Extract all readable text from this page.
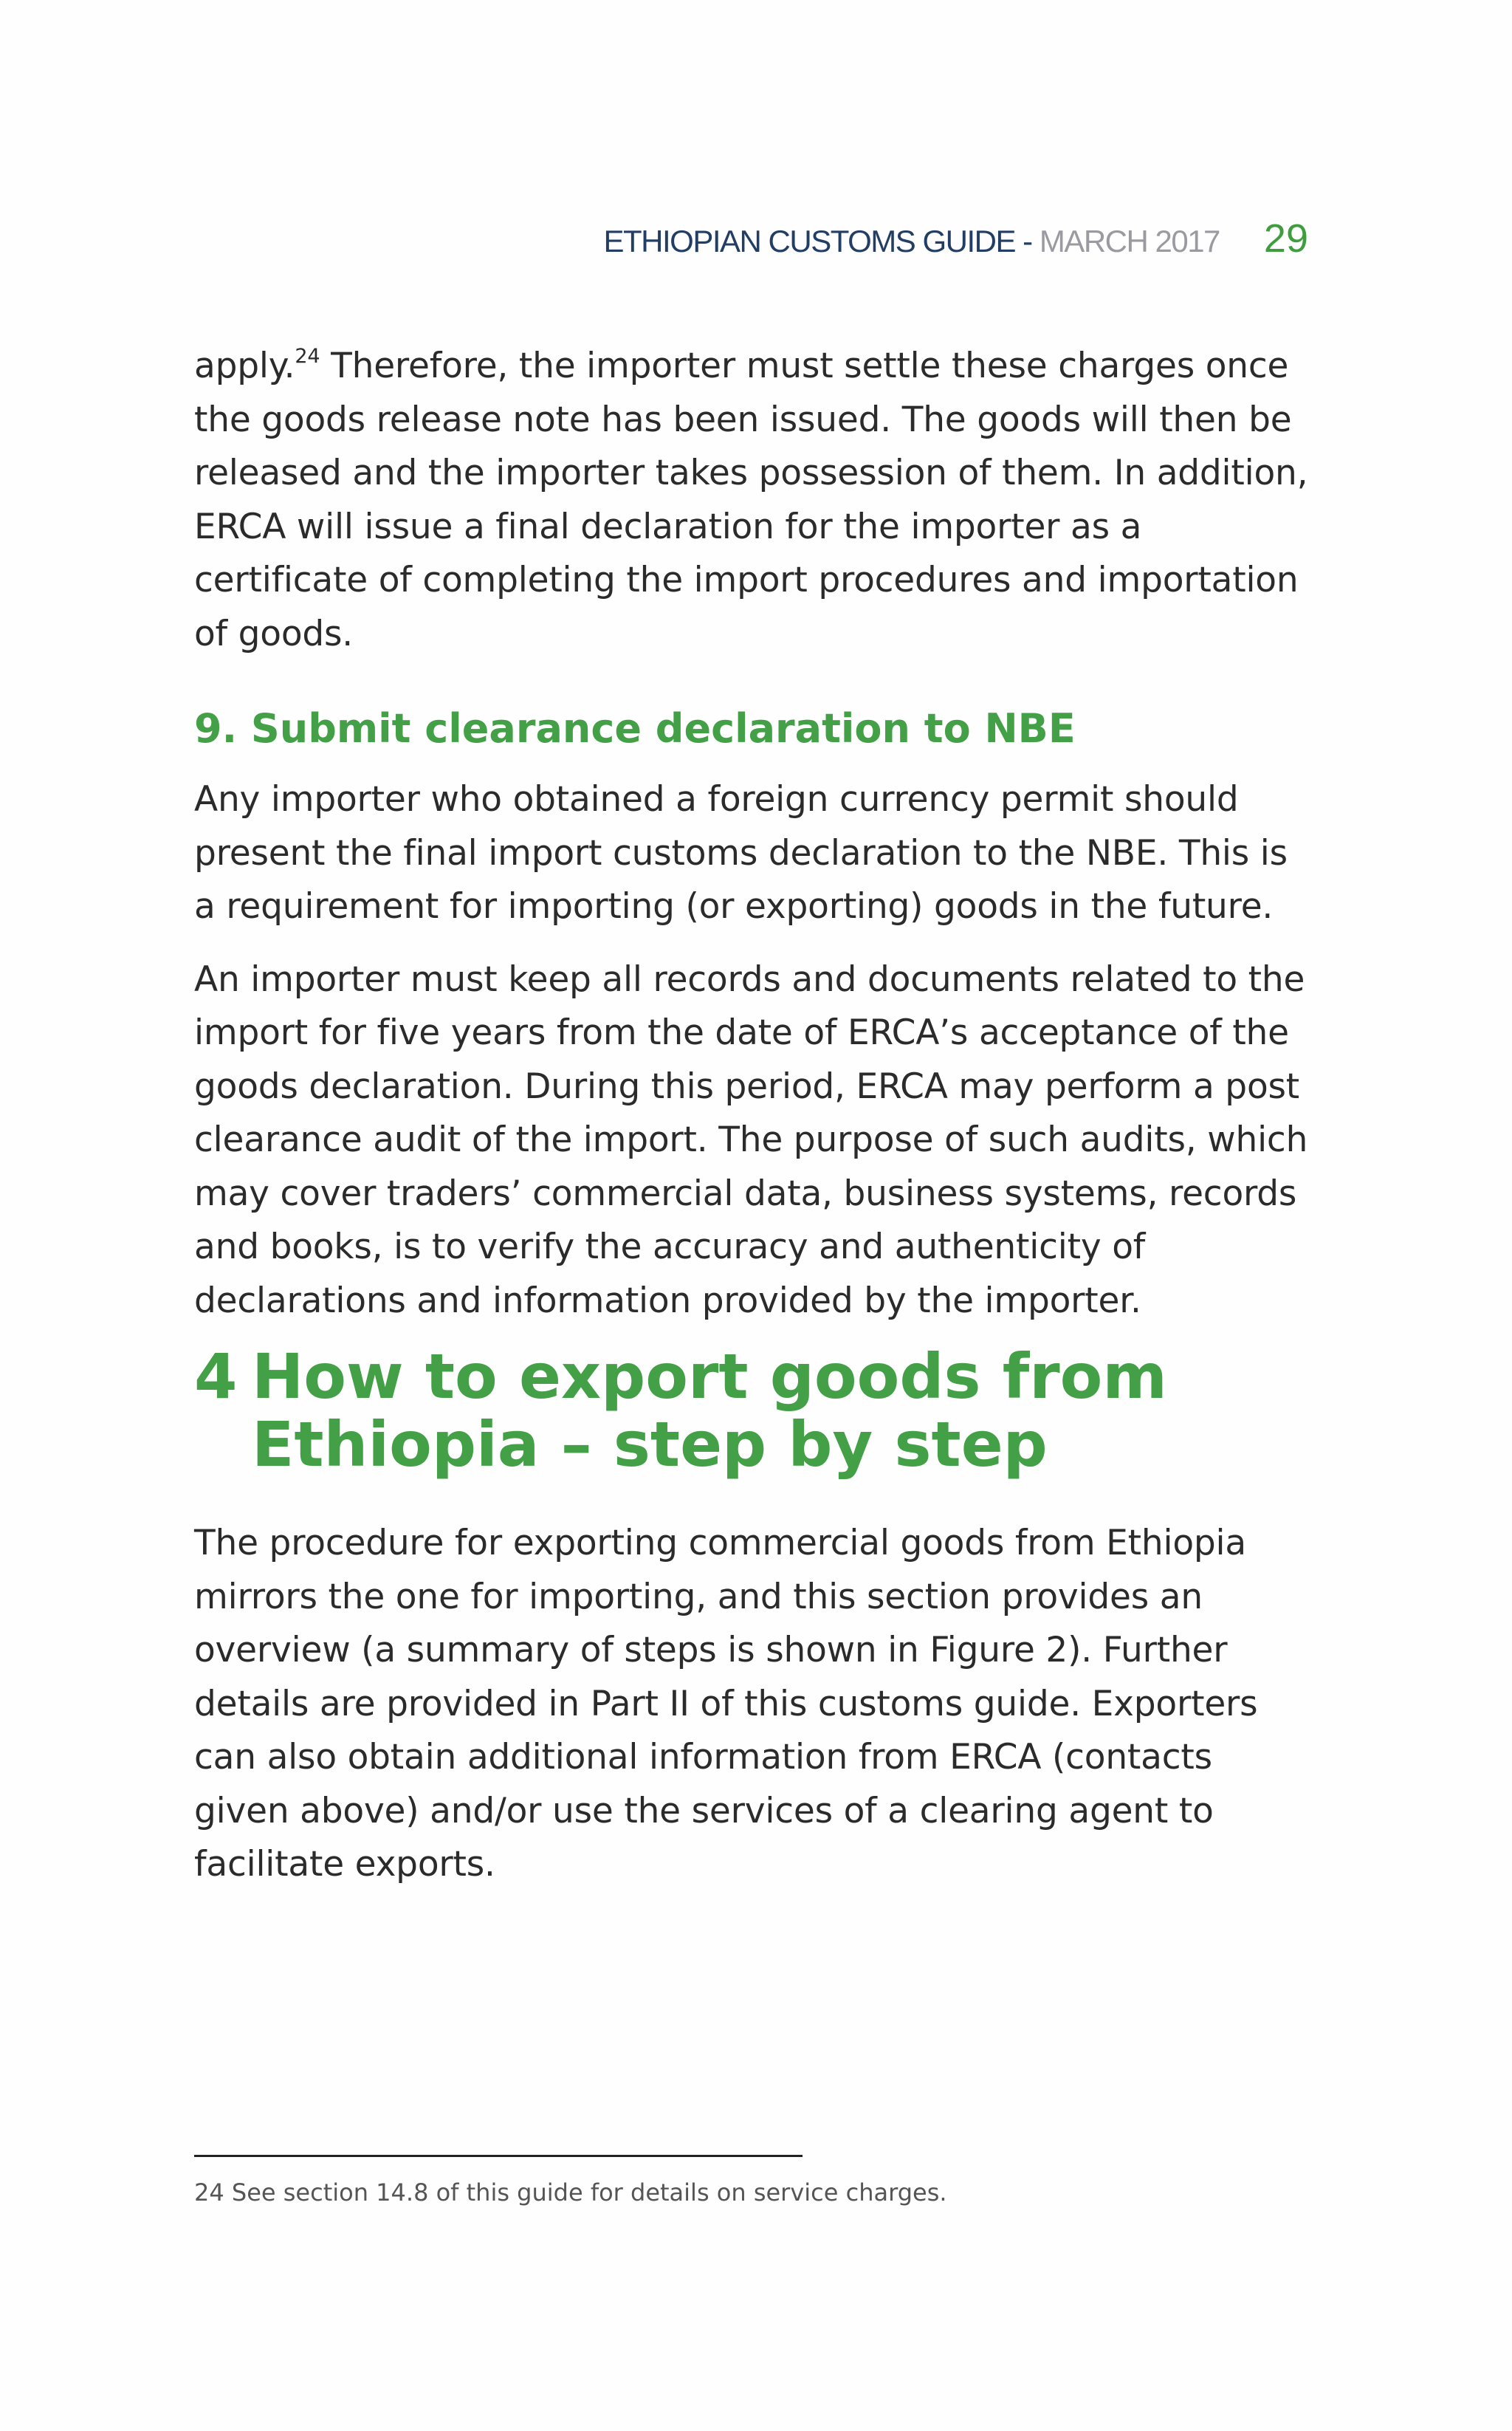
ETHIOPIAN CUSTOMS GUIDE - MARCH 2017 29

apply.$^{24}$ Therefore, the importer must settle these charges once the goods release note has been issued. The goods will then be released and the importer takes possession of them. In addition, ERCA will issue a final declaration for the importer as a certificate of completing the import procedures and importation of goods.

9. Submit clearance declaration to NBE

Any importer who obtained a foreign currency permit should present the final import customs declaration to the NBE. This is a requirement for importing (or exporting) goods in the future.

An importer must keep all records and documents related to the import for five years from the date of ERCA’s acceptance of the goods declaration. During this period, ERCA may perform a post clearance audit of the import. The purpose of such audits, which may cover traders’ commercial data, business systems, records and books, is to verify the accuracy and authenticity of declarations and information provided by the importer.

4 How to export goods from Ethiopia – step by step

The procedure for exporting commercial goods from Ethiopia mirrors the one for importing, and this section provides an overview (a summary of steps is shown in Figure 2). Further details are provided in Part II of this customs guide. Exporters can also obtain additional information from ERCA (contacts given above) and/or use the services of a clearing agent to facilitate exports.

24 See section 14.8 of this guide for details on service charges.
